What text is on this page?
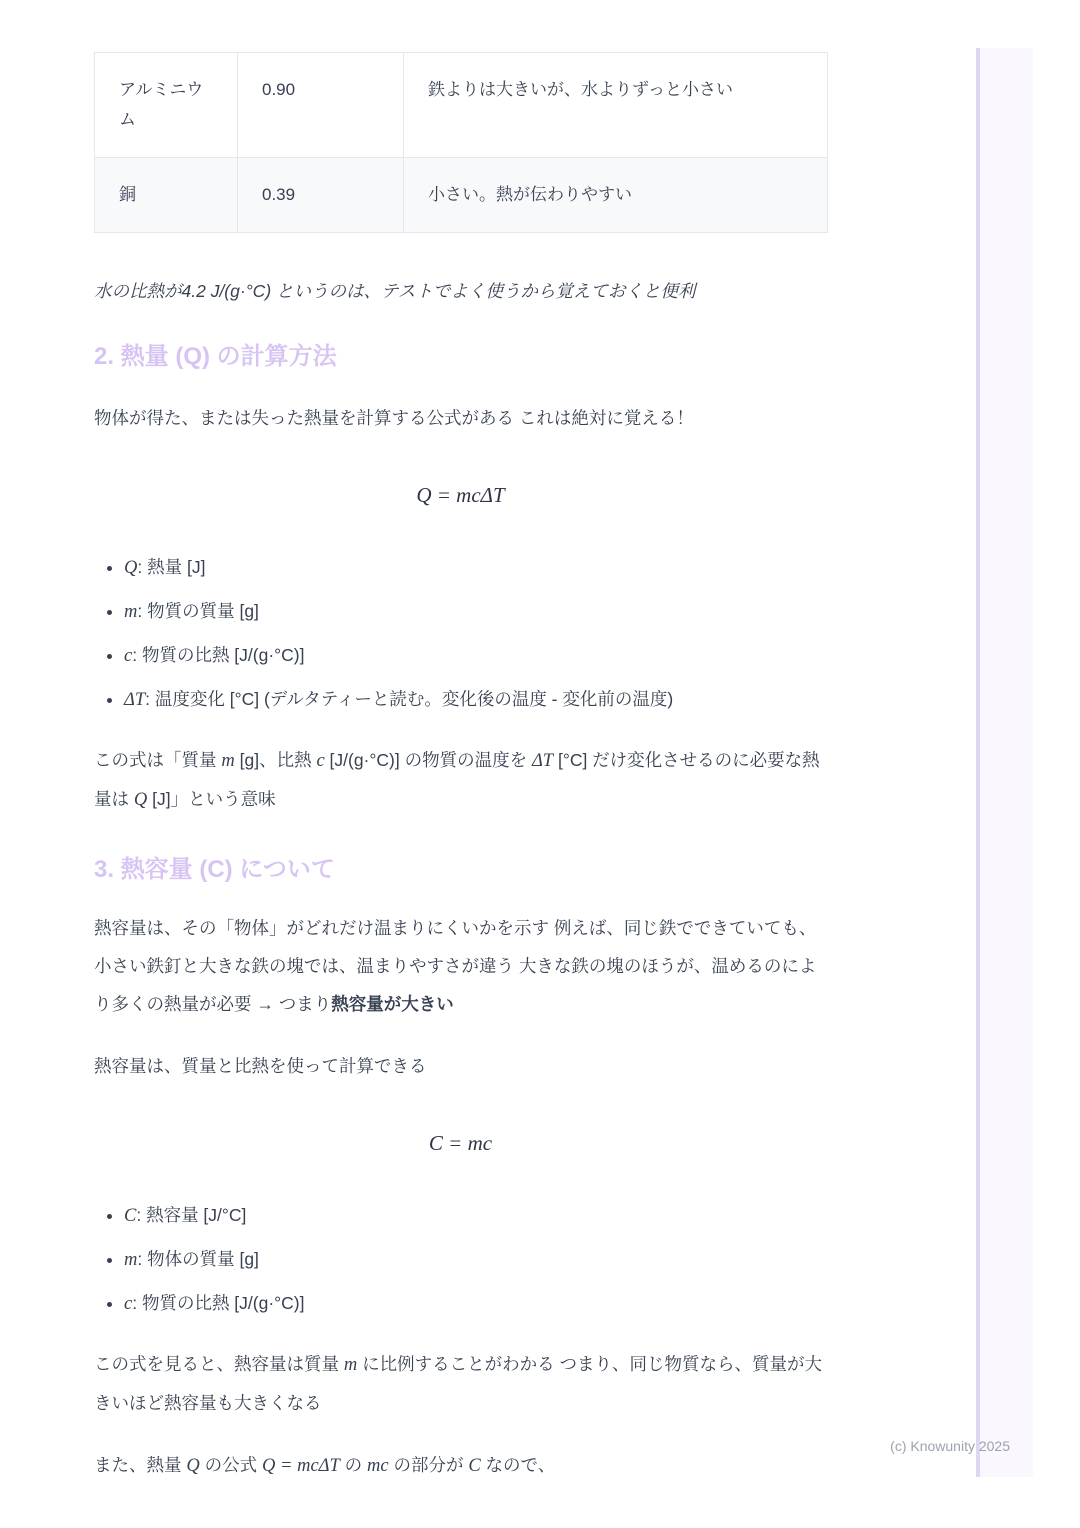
アルミニウム	0.90	鉄よりは大きいが、水よりずっと小さい
銅	0.39	小さい。熱が伝わりやすい

水の比熱が4.2 J/(g·°C) というのは、テストでよく使うから覚えておくと便利

2. 熱量 (Q) の計算方法

物体が得た、または失った熱量を計算する公式がある これは絶対に覚える！

Q = mcΔT
• Q: 熱量 [J]
• m: 物質の質量 [g]
• c: 物質の比熱 [J/(g·°C)]
• ΔT: 温度変化 [°C] (デルタティーと読む。変化後の温度 - 変化前の温度)

この式は「質量 m [g]、比熱 c [J/(g·°C)] の物質の温度を ΔT [°C] だけ変化させるのに必要な熱量は Q [J]」という意味

3. 熱容量 (C) について

熱容量は、その「物体」がどれだけ温まりにくいかを示す 例えば、同じ鉄でできていても、小さい鉄釘と大きな鉄の塊では、温まりやすさが違う 大きな鉄の塊のほうが、温めるのにより多くの熱量が必要 → つまり熱容量が大きい

熱容量は、質量と比熱を使って計算できる

C = mc
• C: 熱容量 [J/°C]
• m: 物体の質量 [g]
• c: 物質の比熱 [J/(g·°C)]

この式を見ると、熱容量は質量 m に比例することがわかる つまり、同じ物質なら、質量が大きいほど熱容量も大きくなる

また、熱量 Q の公式 Q = mcΔT の mc の部分が C なので、

(c) Knowunity 2025
